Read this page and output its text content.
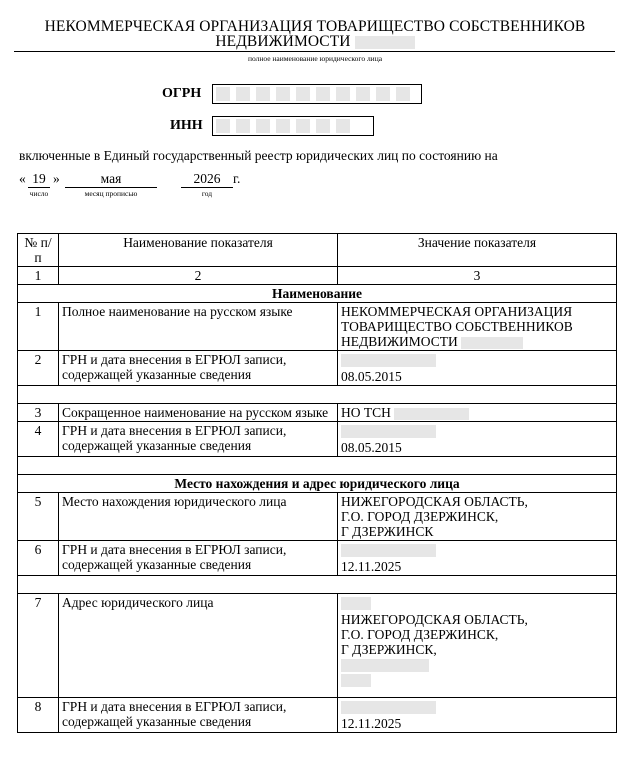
НЕКОММЕРЧЕСКАЯ ОРГАНИЗАЦИЯ ТОВАРИЩЕСТВО СОБСТВЕННИКОВ
НЕДВИЖИМОСТИ
полное наименование юридического лица
ОГРН
ИНН
включенные в Единый государственный реестр юридических лиц по состоянию на
« 19 »	мая	2026 г.
число	месяц прописью	год
№ п/п	Наименование показателя	Значение показателя
1	2	3
Наименование		
1	Полное наименование на русском языке	НЕКОММЕРЧЕСКАЯ ОРГАНИЗАЦИЯ
ТОВАРИЩЕСТВО СОБСТВЕННИКОВ
НЕДВИЖИМОСТИ

2	ГРН и дата внесения в ЕГРЮЛ записи, содержащей указанные сведения	08.05.2015

3	Сокращенное наименование на русском языке	НО ТСН
4	ГРН и дата внесения в ЕГРЮЛ записи, содержащей указанные сведения	08.05.2015

Место нахождения и адрес юридического лица		
5	Место нахождения юридического лица	НИЖЕГОРОДСКАЯ ОБЛАСТЬ,
Г.О. ГОРОД ДЗЕРЖИНСК,
Г ДЗЕРЖИНСК

6	ГРН и дата внесения в ЕГРЮЛ записи, содержащей указанные сведения	12.11.2025

7	Адрес юридического лица	НИЖЕГОРОДСКАЯ ОБЛАСТЬ,
Г.О. ГОРОД ДЗЕРЖИНСК,
Г ДЗЕРЖИНСК,

8	ГРН и дата внесения в ЕГРЮЛ записи, содержащей указанные сведения	12.11.2025
